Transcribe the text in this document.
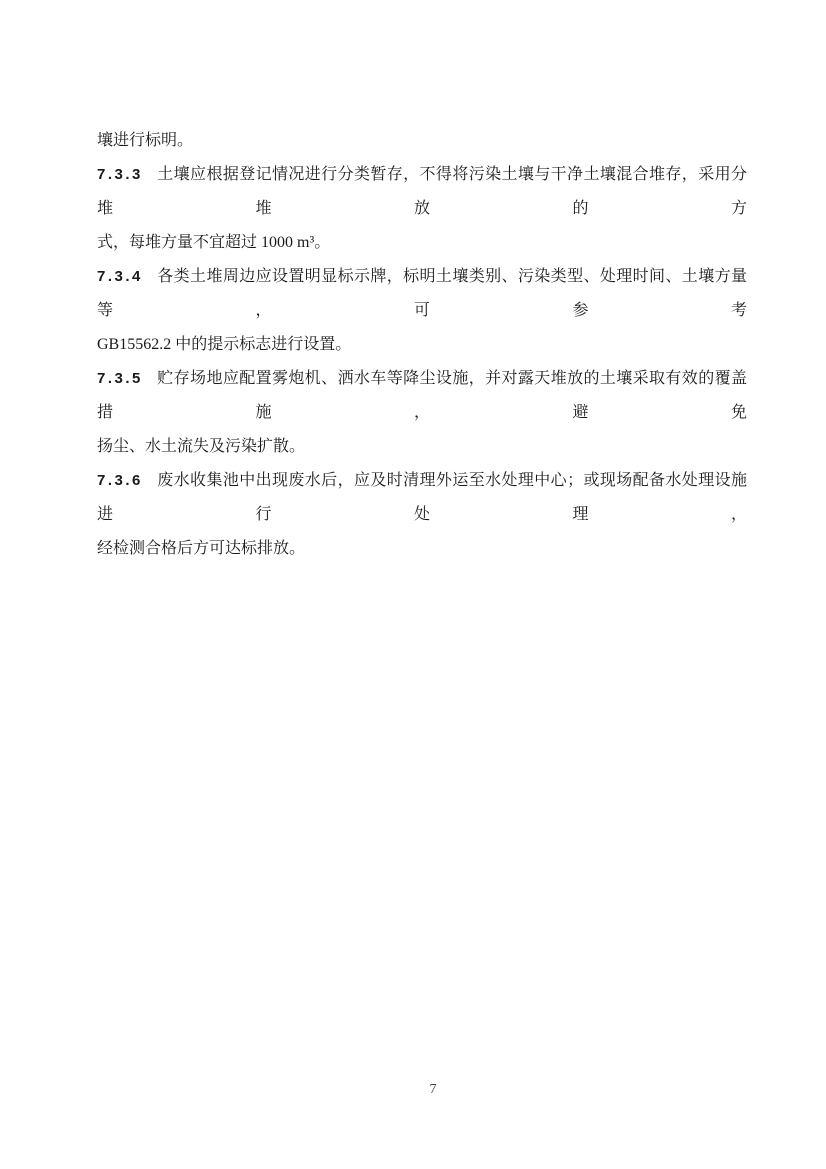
壤进行标明。
7.3.3 土壤应根据登记情况进行分类暂存，不得将污染土壤与干净土壤混合堆存，采用分堆堆放的方
式，每堆方量不宜超过 1000 m³。
7.3.4 各类土堆周边应设置明显标示牌，标明土壤类别、污染类型、处理时间、土壤方量等，可参考
GB15562.2 中的提示标志进行设置。
7.3.5 贮存场地应配置雾炮机、洒水车等降尘设施，并对露天堆放的土壤采取有效的覆盖措施，避免
扬尘、水土流失及污染扩散。
7.3.6 废水收集池中出现废水后，应及时清理外运至水处理中心；或现场配备水处理设施进行处理，
经检测合格后方可达标排放。
7
